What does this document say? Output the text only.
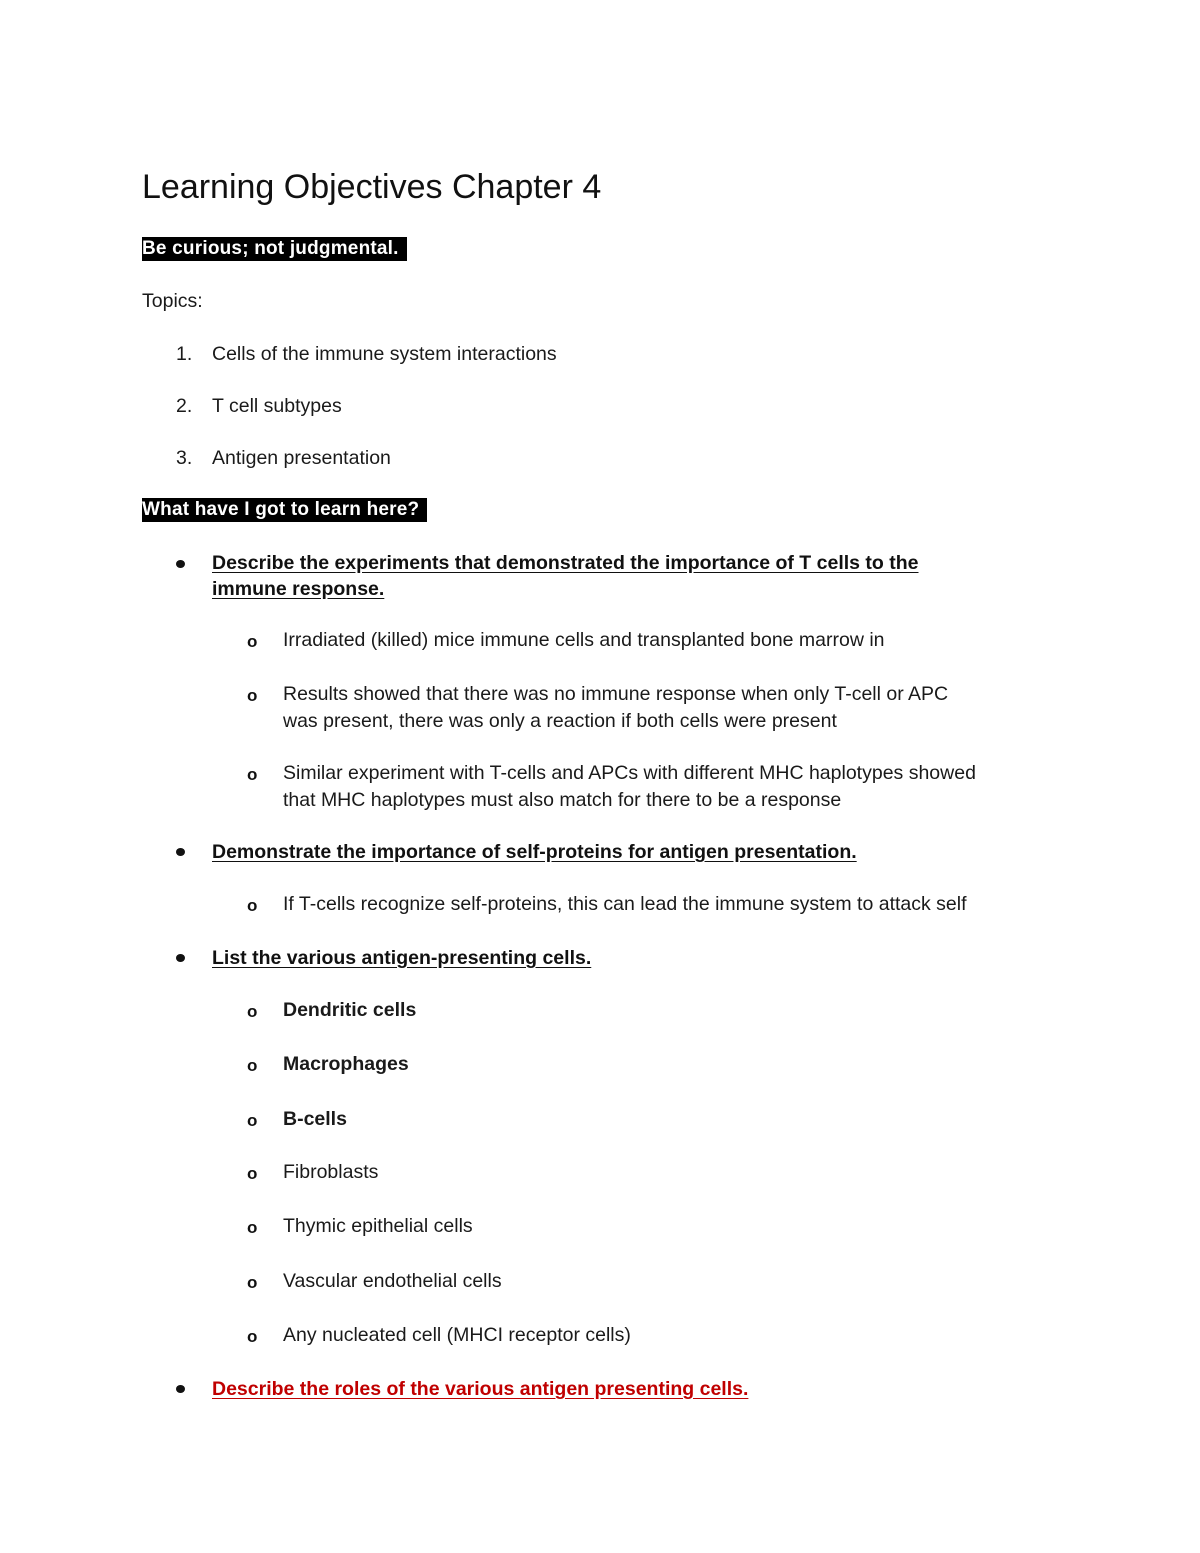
Learning Objectives Chapter 4
Be curious; not judgmental.
Topics:
1. Cells of the immune system interactions
2. T cell subtypes
3. Antigen presentation
What have I got to learn here?
Describe the experiments that demonstrated the importance of T cells to the
immune response.
o Irradiated (killed) mice immune cells and transplanted bone marrow in
o Results showed that there was no immune response when only T-cell or APC
was present, there was only a reaction if both cells were present
o Similar experiment with T-cells and APCs with different MHC haplotypes showed
that MHC haplotypes must also match for there to be a response
Demonstrate the importance of self-proteins for antigen presentation.
o If T-cells recognize self-proteins, this can lead the immune system to attack self
List the various antigen-presenting cells.
o Dendritic cells
o Macrophages
o B-cells
o Fibroblasts
o Thymic epithelial cells
o Vascular endothelial cells
o Any nucleated cell (MHCI receptor cells)
Describe the roles of the various antigen presenting cells.
